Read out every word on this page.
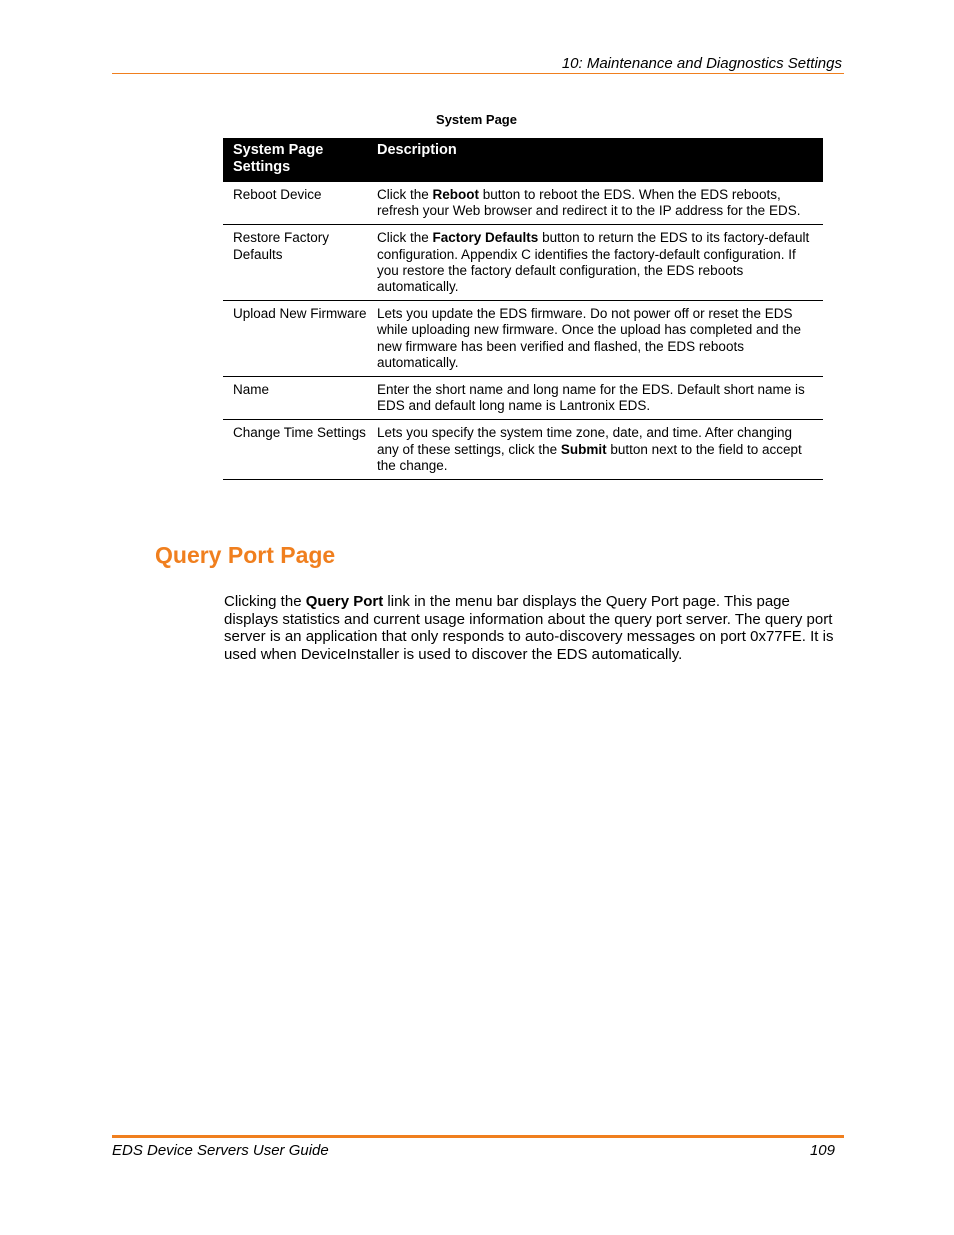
10: Maintenance and Diagnostics Settings
System Page
System Page Settings	Description
Reboot Device	Click the Reboot button to reboot the EDS. When the EDS reboots, refresh your Web browser and redirect it to the IP address for the EDS.
Restore Factory Defaults	Click the Factory Defaults button to return the EDS to its factory-default configuration. Appendix C identifies the factory-default configuration. If you restore the factory default configuration, the EDS reboots automatically.
Upload New Firmware	Lets you update the EDS firmware. Do not power off or reset the EDS while uploading new firmware. Once the upload has completed and the new firmware has been verified and flashed, the EDS reboots automatically.
Name	Enter the short name and long name for the EDS. Default short name is EDS and default long name is Lantronix EDS.
Change Time Settings	Lets you specify the system time zone, date, and time. After changing any of these settings, click the Submit button next to the field to accept the change.
Query Port Page

Clicking the Query Port link in the menu bar displays the Query Port page. This page displays statistics and current usage information about the query port server. The query port server is an application that only responds to auto-discovery messages on port 0x77FE. It is used when DeviceInstaller is used to discover the EDS automatically.

EDS Device Servers User Guide	109
